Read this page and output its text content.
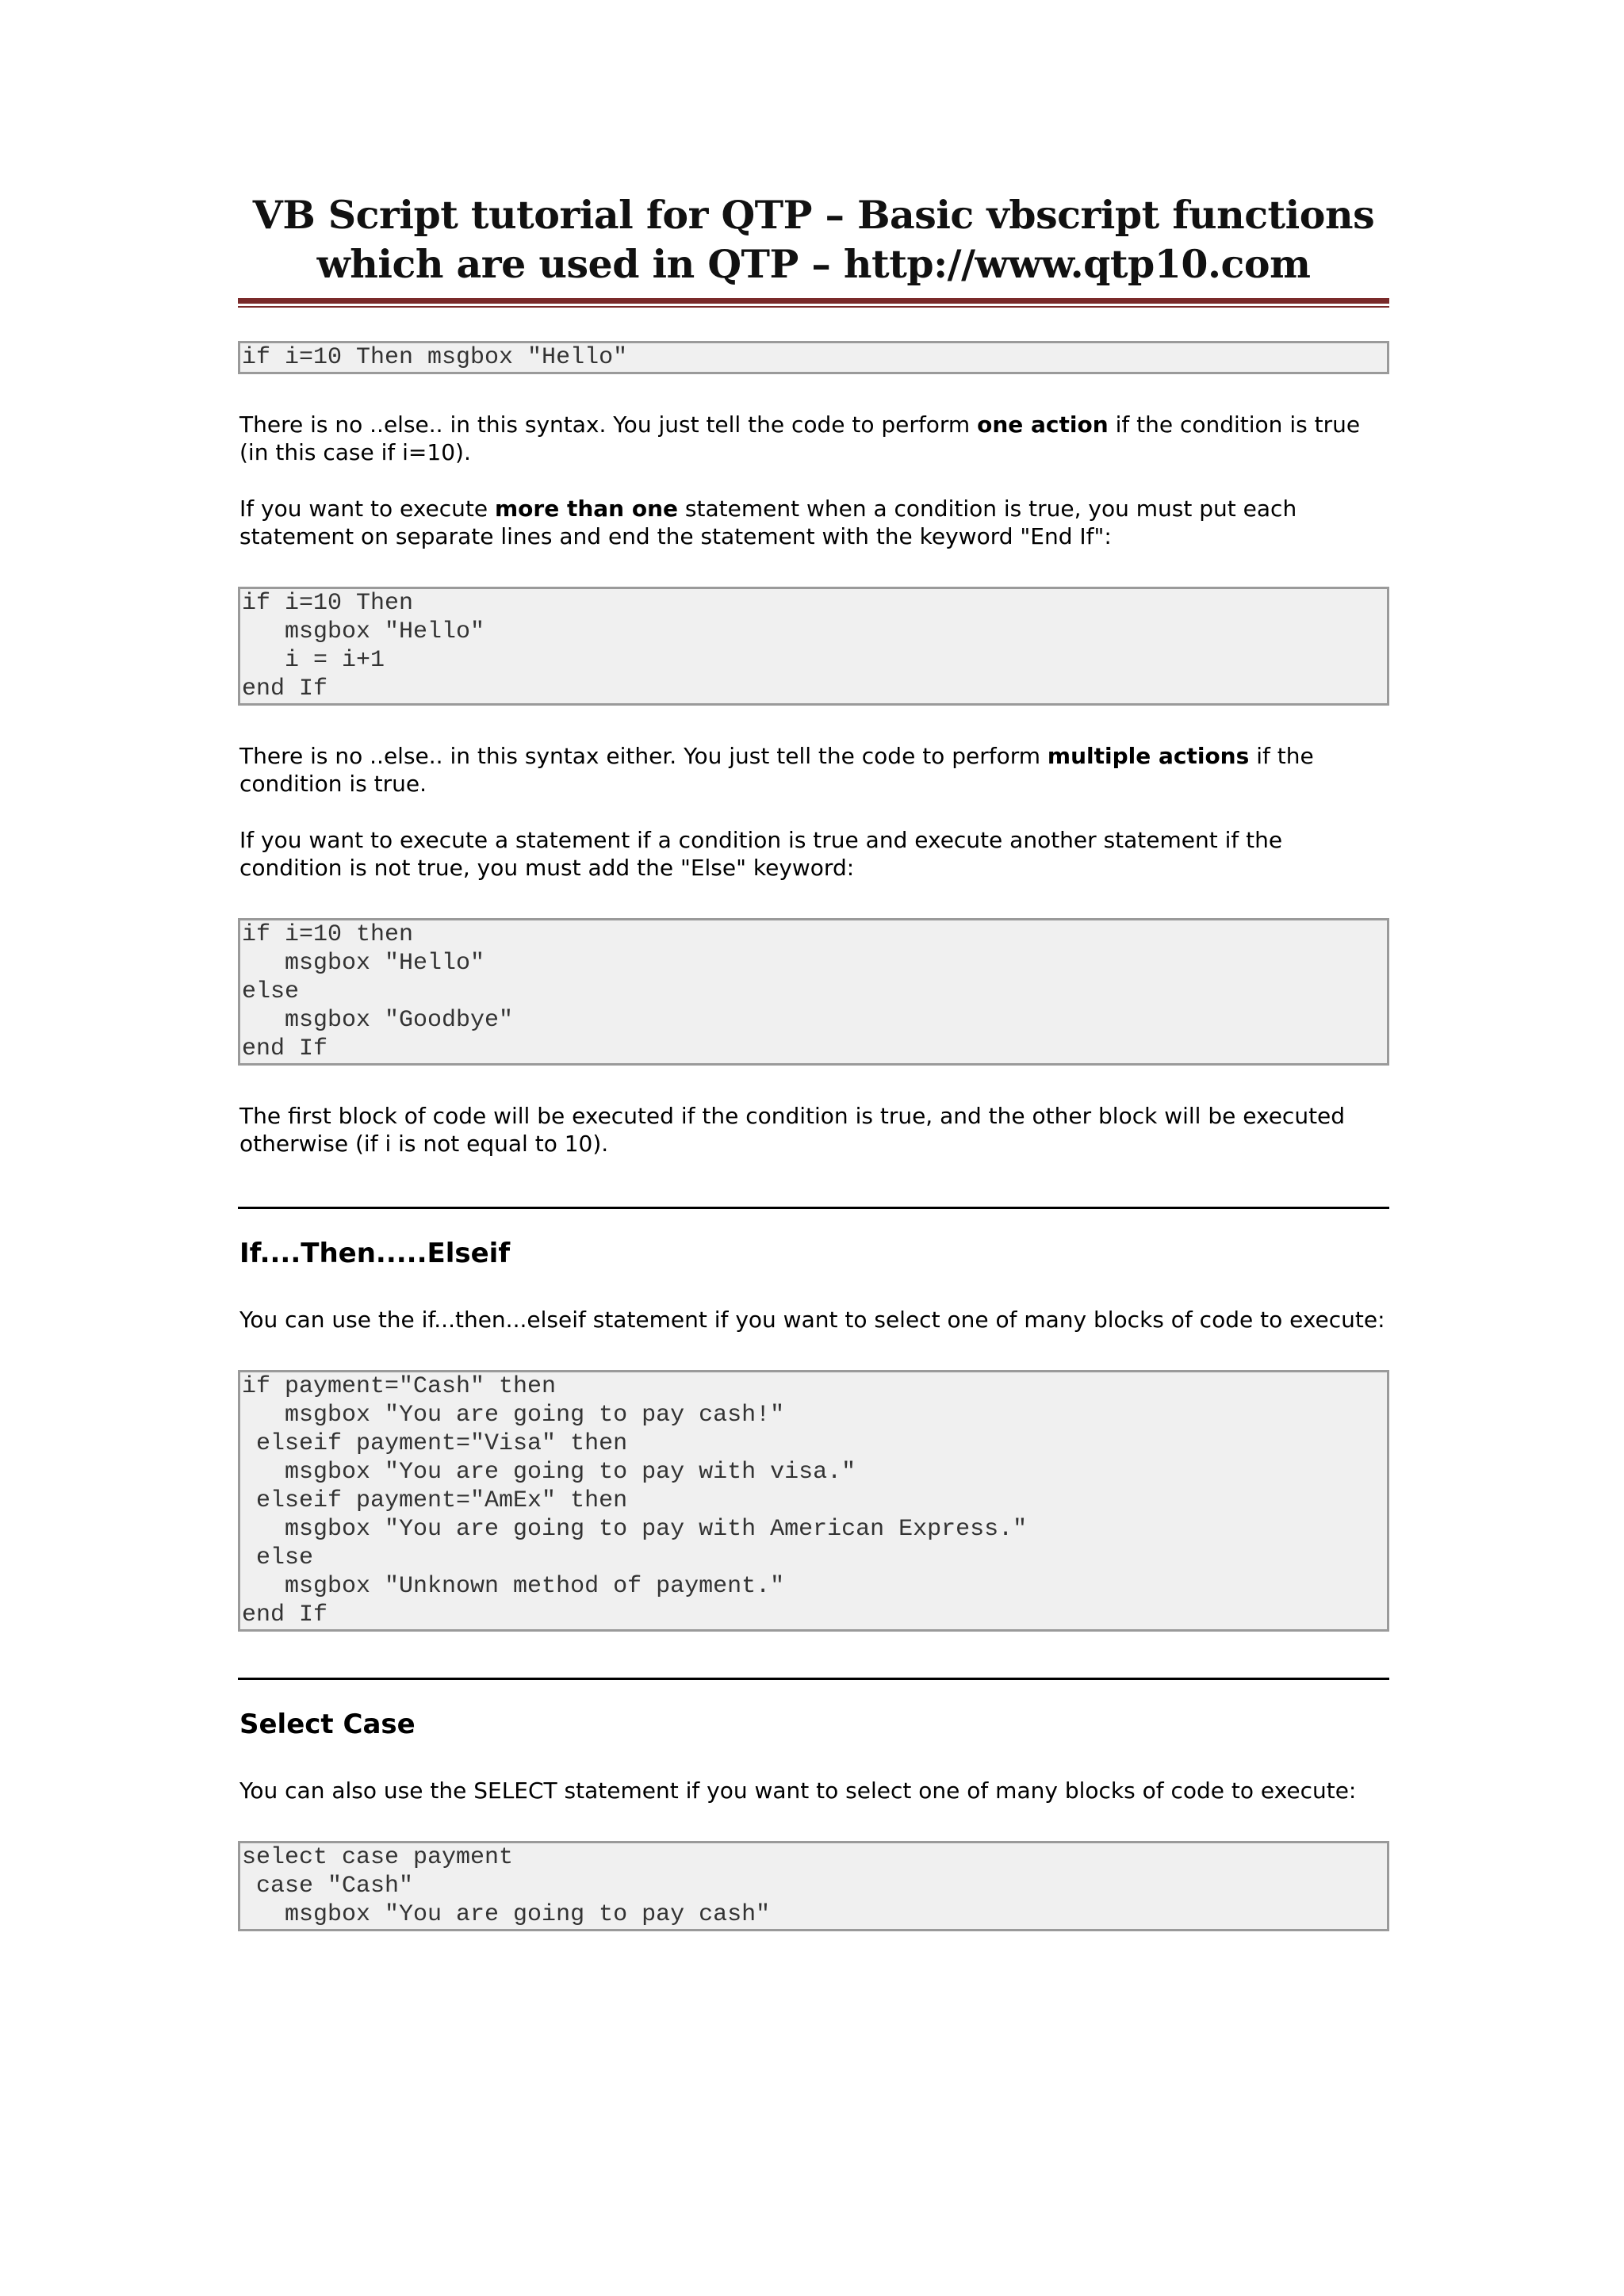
VB Script tutorial for QTP – Basic vbscript functions which are used in QTP – http://www.qtp10.com
if i=10 Then msgbox "Hello"

There is no ..else.. in this syntax. You just tell the code to perform one action if the condition is true (in this case if i=10).

If you want to execute more than one statement when a condition is true, you must put each statement on separate lines and end the statement with the keyword "End If":

if i=10 Then
msgbox "Hello"
i = i+1
end If

There is no ..else.. in this syntax either. You just tell the code to perform multiple actions if the condition is true.

If you want to execute a statement if a condition is true and execute another statement if the condition is not true, you must add the "Else" keyword:

if i=10 then
msgbox "Hello"
else
msgbox "Goodbye"
end If

The first block of code will be executed if the condition is true, and the other block will be executed otherwise (if i is not equal to 10).

If....Then.....Elseif

You can use the if...then...elseif statement if you want to select one of many blocks of code to execute:

if payment="Cash" then
msgbox "You are going to pay cash!"
elseif payment="Visa" then
msgbox "You are going to pay with visa."
elseif payment="AmEx" then
msgbox "You are going to pay with American Express."
else
msgbox "Unknown method of payment."
end If
Select Case

You can also use the SELECT statement if you want to select one of many blocks of code to execute:

select case payment
case "Cash"
msgbox "You are going to pay cash"
